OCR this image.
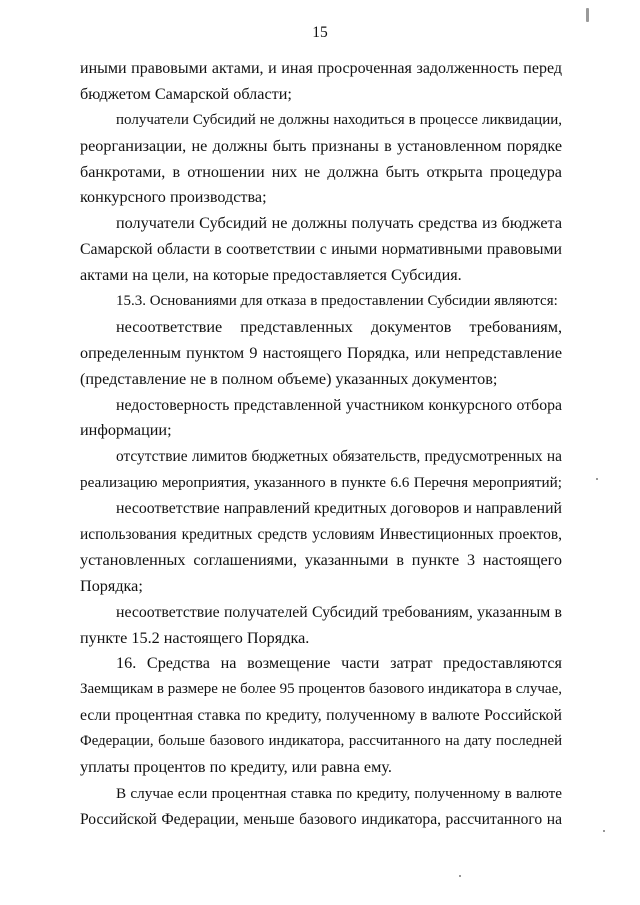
15
иными правовыми актами, и иная просроченная задолженность перед
бюджетом Самарской области;
получатели Субсидий не должны находиться в процессе ликвидации,
реорганизации, не должны быть признаны в установленном порядке
банкротами, в отношении них не должна быть открыта процедура
конкурсного производства;
получатели Субсидий не должны получать средства из бюджета
Самарской области в соответствии с иными нормативными правовыми
актами на цели, на которые предоставляется Субсидия.
15.3. Основаниями для отказа в предоставлении Субсидии являются:
несоответствие представленных документов требованиям,
определенным пунктом 9 настоящего Порядка, или непредставление
(представление не в полном объеме) указанных документов;
недостоверность представленной участником конкурсного отбора
информации;
отсутствие лимитов бюджетных обязательств, предусмотренных на
реализацию мероприятия, указанного в пункте 6.6 Перечня мероприятий;
несоответствие направлений кредитных договоров и направлений
использования кредитных средств условиям Инвестиционных проектов,
установленных соглашениями, указанными в пункте 3 настоящего
Порядка;
несоответствие получателей Субсидий требованиям, указанным в
пункте 15.2 настоящего Порядка.
16. Средства на возмещение части затрат предоставляются
Заемщикам в размере не более 95 процентов базового индикатора в случае,
если процентная ставка по кредиту, полученному в валюте Российской
Федерации, больше базового индикатора, рассчитанного на дату последней
уплаты процентов по кредиту, или равна ему.
В случае если процентная ставка по кредиту, полученному в валюте
Российской Федерации, меньше базового индикатора, рассчитанного на
